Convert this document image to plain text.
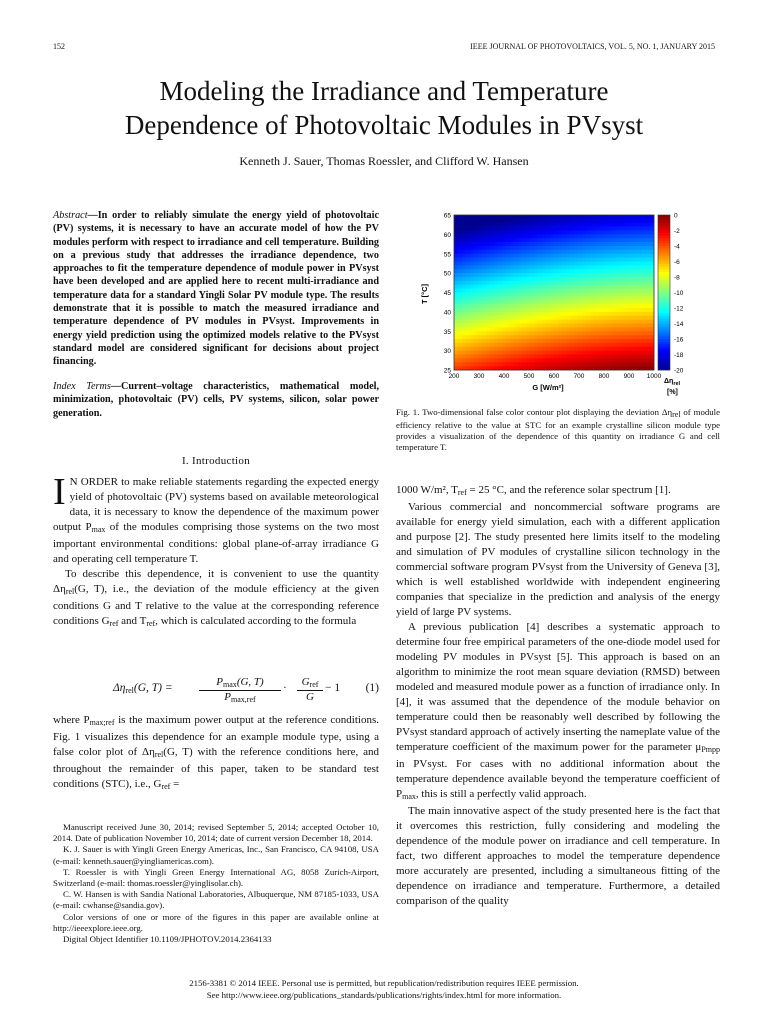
152	IEEE JOURNAL OF PHOTOVOLTAICS, VOL. 5, NO. 1, JANUARY 2015
Modeling the Irradiance and Temperature
Dependence of Photovoltaic Modules in PVsyst
Kenneth J. Sauer, Thomas Roessler, and Clifford W. Hansen
Abstract—In order to reliably simulate the energy yield of photovoltaic (PV) systems, it is necessary to have an accurate model of how the PV modules perform with respect to irradiance and cell temperature. Building on a previous study that addresses the irradiance dependence, two approaches to fit the temperature dependence of module power in PVsyst have been developed and are applied here to recent multi-irradiance and temperature data for a standard Yingli Solar PV module type. The results demonstrate that it is possible to match the measured irradiance and temperature dependence of PV modules in PVsyst. Improvements in energy yield prediction using the optimized models relative to the PVsyst standard model are considered significant for decisions about project financing.
Index Terms—Current–voltage characteristics, mathematical model, minimization, photovoltaic (PV) cells, PV systems, silicon, solar power generation.
I. Introduction

I N ORDER to make reliable statements regarding the expected energy yield of photovoltaic (PV) systems based on available meteorological data, it is necessary to know the dependence of the maximum power output $P_{max}$ of the modules comprising those systems on the two most important environmental conditions: global plane-of-array irradiance G and operating cell temperature T.

To describe this dependence, it is convenient to use the quantity $\Delta\eta_{rel}(G$, T), i.e., the deviation of the module efficiency at the given conditions G and T relative to the value at the corresponding reference conditions $G_{ref}$ and $T_{ref}$, which is calculated according to the formula

$\Delta\eta_{rel}(G$, T) =	$P_{max}(G$, T)
$P_{max,ref}$
·	$G_{ref}$
G
− 1 (1)

where $P_{max;ref}$ is the maximum power output at the reference conditions. Fig. 1 visualizes this dependence for an example module type, using a false color plot of $\Delta\eta_{rel}(G$, T) with the reference conditions here, and throughout the remainder of this paper, taken to be standard test conditions (STC), i.e., $G_{ref}$ =

Manuscript received June 30, 2014; revised September 5, 2014; accepted October 10, 2014. Date of publication November 10, 2014; date of current version December 18, 2014.

K. J. Sauer is with Yingli Green Energy Americas, Inc., San Francisco, CA 94108, USA (e-mail: kenneth.sauer@yingliamericas.com).

T. Roessler is with Yingli Green Energy International AG, 8058 Zurich-Airport, Switzerland (e-mail: thomas.roessler@yinglisolar.ch).

C. W. Hansen is with Sandia National Laboratories, Albuquerque, NM 87185-1033, USA (e-mail: cwhanse@sandia.gov).

Color versions of one or more of the figures in this paper are available online at http://ieeexplore.ieee.org.

Digital Object Identifier 10.1109/JPHOTOV.2014.2364133

200 300 400 500 600 700 800 900 1000
25
30
35
40
45
50
55
60
65
G [W/m²]
T [°C]
0
-2
-4
-6
-8
-10
-12
-14
-16
-18
-20
$\Delta\eta_{rel}$
[%]
Fig. 1. Two-dimensional false color contour plot displaying the deviation Δηrel of module efficiency relative to the value at STC for an example crystalline silicon module type provides a visualization of the dependence of this quantity on irradiance G and cell temperature T.

1000 W/m², $T_{ref} = 25$ °C, and the reference solar spectrum [1].

Various commercial and noncommercial software programs are available for energy yield simulation, each with a different application and purpose [2]. The study presented here limits itself to the modeling and simulation of PV modules of crystalline silicon technology in the commercial software program PVsyst from the University of Geneva [3], which is well established worldwide with independent engineering companies that specialize in the prediction and analysis of the energy yield of large PV systems.

A previous publication [4] describes a systematic approach to determine four free empirical parameters of the one-diode model used for modeling PV modules in PVsyst [5]. This approach is based on an algorithm to minimize the root mean square deviation (RMSD) between modeled and measured module power as a function of irradiance only. In [4], it was assumed that the dependence of the module behavior on temperature could then be reasonably well described by following the PVsyst standard approach of actively inserting the nameplate value of the temperature coefficient of the maximum power for the parameter $\mu_{Pmpp}$ in PVsyst. For cases with no additional information about the temperature dependence available beyond the temperature coefficient of $P_{max}$, this is still a perfectly valid approach.

The main innovative aspect of the study presented here is the fact that it overcomes this restriction, fully considering and modeling the dependence of the module power on irradiance and cell temperature. In fact, two different approaches to model the temperature dependence more accurately are presented, including a simultaneous fitting of the dependence on irradiance and temperature. Furthermore, a detailed comparison of the quality

2156-3381 © 2014 IEEE. Personal use is permitted, but republication/redistribution requires IEEE permission.
See http://www.ieee.org/publications_standards/publications/rights/index.html for more information.
